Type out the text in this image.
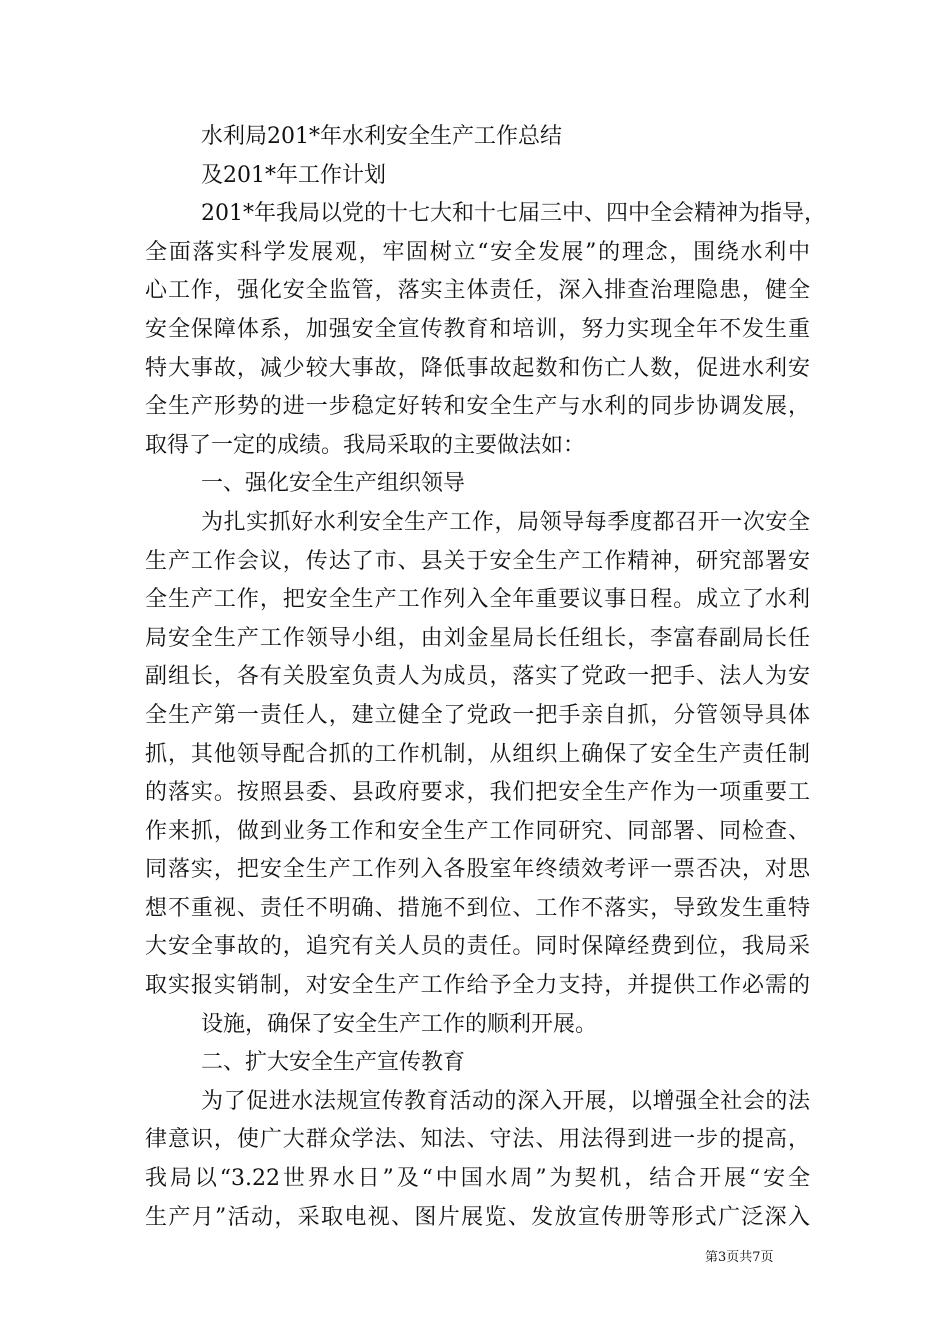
水利局201*年水利安全生产工作总结
及201*年工作计划
201*年我局以党的十七大和十七届三中、四中全会精神为指导，
全面落实科学发展观，牢固树立“安全发展”的理念，围绕水利中
心工作，强化安全监管，落实主体责任，深入排查治理隐患，健全
安全保障体系，加强安全宣传教育和培训，努力实现全年不发生重
特大事故，减少较大事故，降低事故起数和伤亡人数，促进水利安
全生产形势的进一步稳定好转和安全生产与水利的同步协调发展，
取得了一定的成绩。我局采取的主要做法如：
一、强化安全生产组织领导
为扎实抓好水利安全生产工作，局领导每季度都召开一次安全
生产工作会议，传达了市、县关于安全生产工作精神，研究部署安
全生产工作，把安全生产工作列入全年重要议事日程。成立了水利
局安全生产工作领导小组，由刘金星局长任组长，李富春副局长任
副组长，各有关股室负责人为成员，落实了党政一把手、法人为安
全生产第一责任人，建立健全了党政一把手亲自抓，分管领导具体
抓，其他领导配合抓的工作机制，从组织上确保了安全生产责任制
的落实。按照县委、县政府要求，我们把安全生产作为一项重要工
作来抓，做到业务工作和安全生产工作同研究、同部署、同检查、
同落实，把安全生产工作列入各股室年终绩效考评一票否决，对思
想不重视、责任不明确、措施不到位、工作不落实，导致发生重特
大安全事故的，追究有关人员的责任。同时保障经费到位，我局采
取实报实销制，对安全生产工作给予全力支持，并提供工作必需的
设施，确保了安全生产工作的顺利开展。
二、扩大安全生产宣传教育
为了促进水法规宣传教育活动的深入开展，以增强全社会的法
律意识，使广大群众学法、知法、守法、用法得到进一步的提高，
我局以“3.22世界水日”及“中国水周”为契机，结合开展“安全
生产月”活动，采取电视、图片展览、发放宣传册等形式广泛深入
第3页共7页
